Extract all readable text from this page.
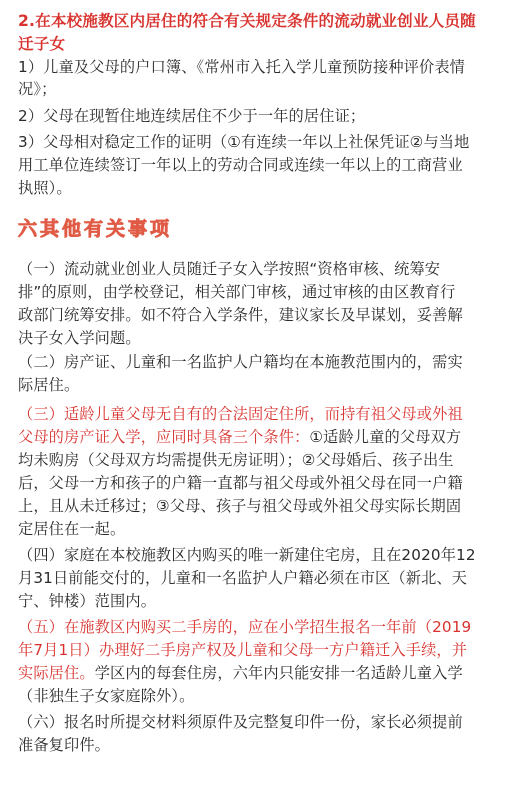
2.在本校施教区内居住的符合有关规定条件的流动就业创业人员随
迁子女
1）儿童及父母的户口簿、《常州市入托入学儿童预防接种评价表情
况》；
2）父母在现暂住地连续居住不少于一年的居住证；
3）父母相对稳定工作的证明（①有连续一年以上社保凭证②与当地
用工单位连续签订一年以上的劳动合同或连续一年以上的工商营业
执照）。
六其他有关事项
（一）流动就业创业人员随迁子女入学按照“资格审核、统筹安
排”的原则，由学校登记，相关部门审核，通过审核的由区教育行
政部门统筹安排。如不符合入学条件，建议家长及早谋划，妥善解
决子女入学问题。
（二）房产证、儿童和一名监护人户籍均在本施教范围内的，需实
际居住。
（三）适龄儿童父母无自有的合法固定住所，而持有祖父母或外祖
父母的房产证入学，应同时具备三个条件：①适龄儿童的父母双方
均未购房（父母双方均需提供无房证明）；②父母婚后、孩子出生
后，父母一方和孩子的户籍一直都与祖父母或外祖父母在同一户籍
上，且从未迁移过；③父母、孩子与祖父母或外祖父母实际长期固
定居住在一起。
（四）家庭在本校施教区内购买的唯一新建住宅房，且在2020年12
月31日前能交付的，儿童和一名监护人户籍必须在市区（新北、天
宁、钟楼）范围内。
（五）在施教区内购买二手房的，应在小学招生报名一年前（2019
年7月1日）办理好二手房产权及儿童和父母一方户籍迁入手续，并
实际居住。学区内的每套住房，六年内只能安排一名适龄儿童入学
（非独生子女家庭除外）。
（六）报名时所提交材料须原件及完整复印件一份，家长必须提前
准备复印件。
